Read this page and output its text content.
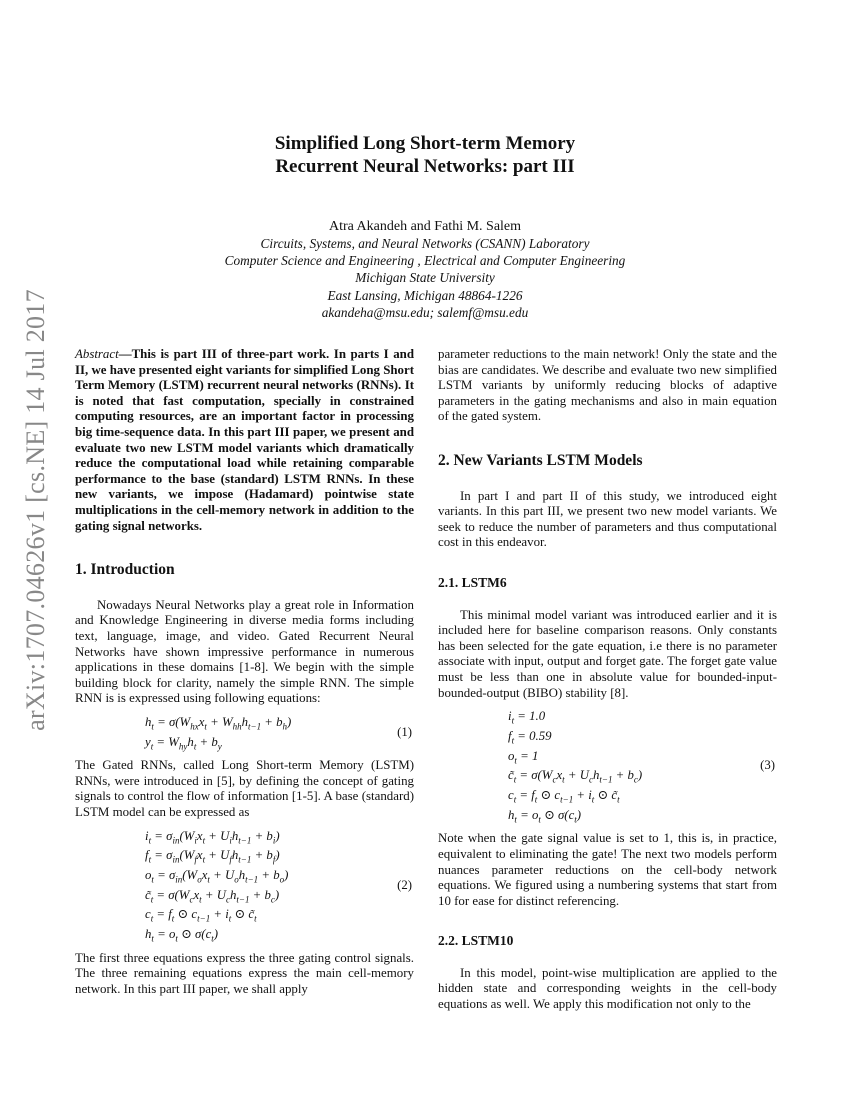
arXiv:1707.04626v1 [cs.NE] 14 Jul 2017
Simplified Long Short-term Memory
Recurrent Neural Networks: part III
Atra Akandeh and Fathi M. Salem
Circuits, Systems, and Neural Networks (CSANN) Laboratory
Computer Science and Engineering , Electrical and Computer Engineering
Michigan State University
East Lansing, Michigan 48864-1226
akandeha@msu.edu; salemf@msu.edu

Abstract—This is part III of three-part work. In parts I and II, we have presented eight variants for simplified Long Short Term Memory (LSTM) recurrent neural networks (RNNs). It is noted that fast computation, specially in constrained computing resources, are an important factor in processing big time-sequence data. In this part III paper, we present and evaluate two new LSTM model variants which dramatically reduce the computational load while retaining comparable performance to the base (standard) LSTM RNNs. In these new variants, we impose (Hadamard) pointwise state multiplications in the cell-memory network in addition to the gating signal networks.

1. Introduction

Nowadays Neural Networks play a great role in Information and Knowledge Engineering in diverse media forms including text, language, image, and video. Gated Recurrent Neural Networks have shown impressive performance in numerous applications in these domains [1-8]. We begin with the simple building block for clarity, namely the simple RNN. The simple RNN is is expressed using following equations:

$h_t = \sigma(W_{hx}x_t + W_{hh}h_{t-1} + b_h)$
$y_t = W_{hy}h_t + b_y$
(1)

The Gated RNNs, called Long Short-term Memory (LSTM) RNNs, were introduced in [5], by defining the concept of gating signals to control the flow of information [1-5]. A base (standard) LSTM model can be expressed as

$i_t = \sigma_{in}(W_ix_t + U_ih_{t-1} + b_i)$
$f_t = \sigma_{in}(W_fx_t + U_fh_{t-1} + b_f)$
$o_t = \sigma_{in}(W_ox_t + U_oh_{t-1} + b_o)$
$c̃_t = \sigma(W_cx_t + U_ch_{t-1} + b_c)$
$c_t = f_t$ ⊙ $c_{t-1} + i_t$ ⊙ $c̃_t$
$h_t = o_t$ ⊙ $\sigma(c_t)$
(2)

The first three equations express the three gating control signals. The three remaining equations express the main cell-memory network. In this part III paper, we shall apply

parameter reductions to the main network! Only the state and the bias are candidates. We describe and evaluate two new simplified LSTM variants by uniformly reducing blocks of adaptive parameters in the gating mechanisms and also in main equation of the gated system.

2. New Variants LSTM Models

In part I and part II of this study, we introduced eight variants. In this part III, we present two new model variants. We seek to reduce the number of parameters and thus computational cost in this endeavor.

2.1. LSTM6

This minimal model variant was introduced earlier and it is included here for baseline comparison reasons. Only constants has been selected for the gate equation, i.e there is no parameter associate with input, output and forget gate. The forget gate value must be less than one in absolute value for bounded-input-bounded-output (BIBO) stability [8].

$i_t = 1.0$
$f_t = 0.59$
$o_t = 1$
$c̃_t = \sigma(W_cx_t + U_ch_{t-1} + b_c)$
$c_t = f_t$ ⊙ $c_{t-1} + i_t$ ⊙ $c̃_t$
$h_t = o_t$ ⊙ $\sigma(c_t)$
(3)

Note when the gate signal value is set to 1, this is, in practice, equivalent to eliminating the gate! The next two models perform nuances parameter reductions on the cell-body network equations. We figured using a numbering systems that start from 10 for ease for distinct referencing.

2.2. LSTM10

In this model, point-wise multiplication are applied to the hidden state and corresponding weights in the cell-body equations as well. We apply this modification not only to the
